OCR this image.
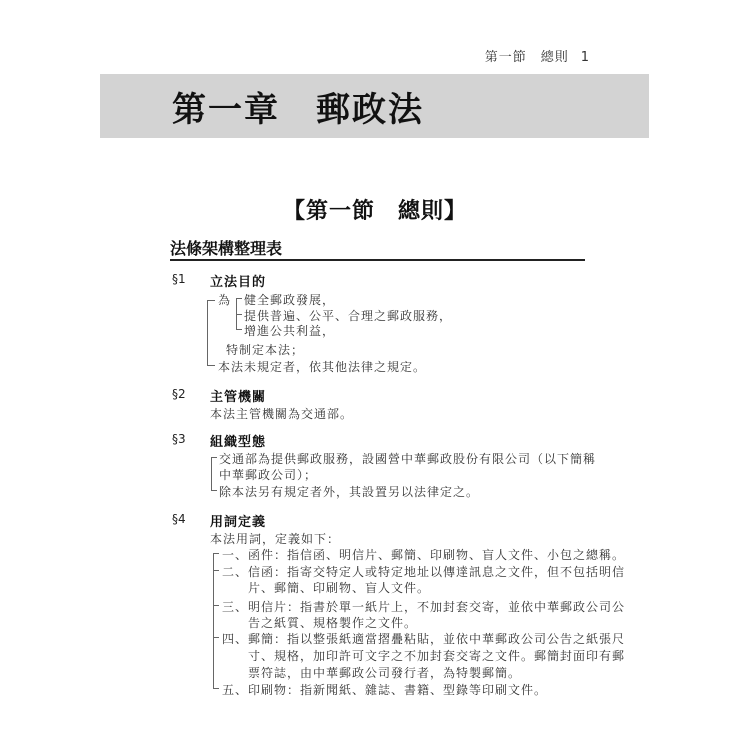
第一節　總則 1
第一章　郵政法
【第一節　總則】
法條架構整理表
§1 立法目的
為 健全郵政發展，
提供普遍、公平、合理之郵政服務，
增進公共利益，
特制定本法；
本法未規定者，依其他法律之規定。
§2 主管機關
本法主管機關為交通部。
§3 組織型態
交通部為提供郵政服務，設國營中華郵政股份有限公司（以下簡稱
中華郵政公司）；
除本法另有規定者外，其設置另以法律定之。
§4 用詞定義
本法用詞，定義如下：
一、函件：指信函、明信片、郵簡、印刷物、盲人文件、小包之總稱。
二、信函：指寄交特定人或特定地址以傳達訊息之文件，但不包括明信
片、郵簡、印刷物、盲人文件。
三、明信片：指書於單一紙片上，不加封套交寄，並依中華郵政公司公
告之紙質、規格製作之文件。
四、郵簡：指以整張紙適當摺疊粘貼，並依中華郵政公司公告之紙張尺
寸、規格，加印許可文字之不加封套交寄之文件。郵簡封面印有郵
票符誌，由中華郵政公司發行者，為特製郵簡。
五、印刷物：指新聞紙、雜誌、書籍、型錄等印刷文件。
